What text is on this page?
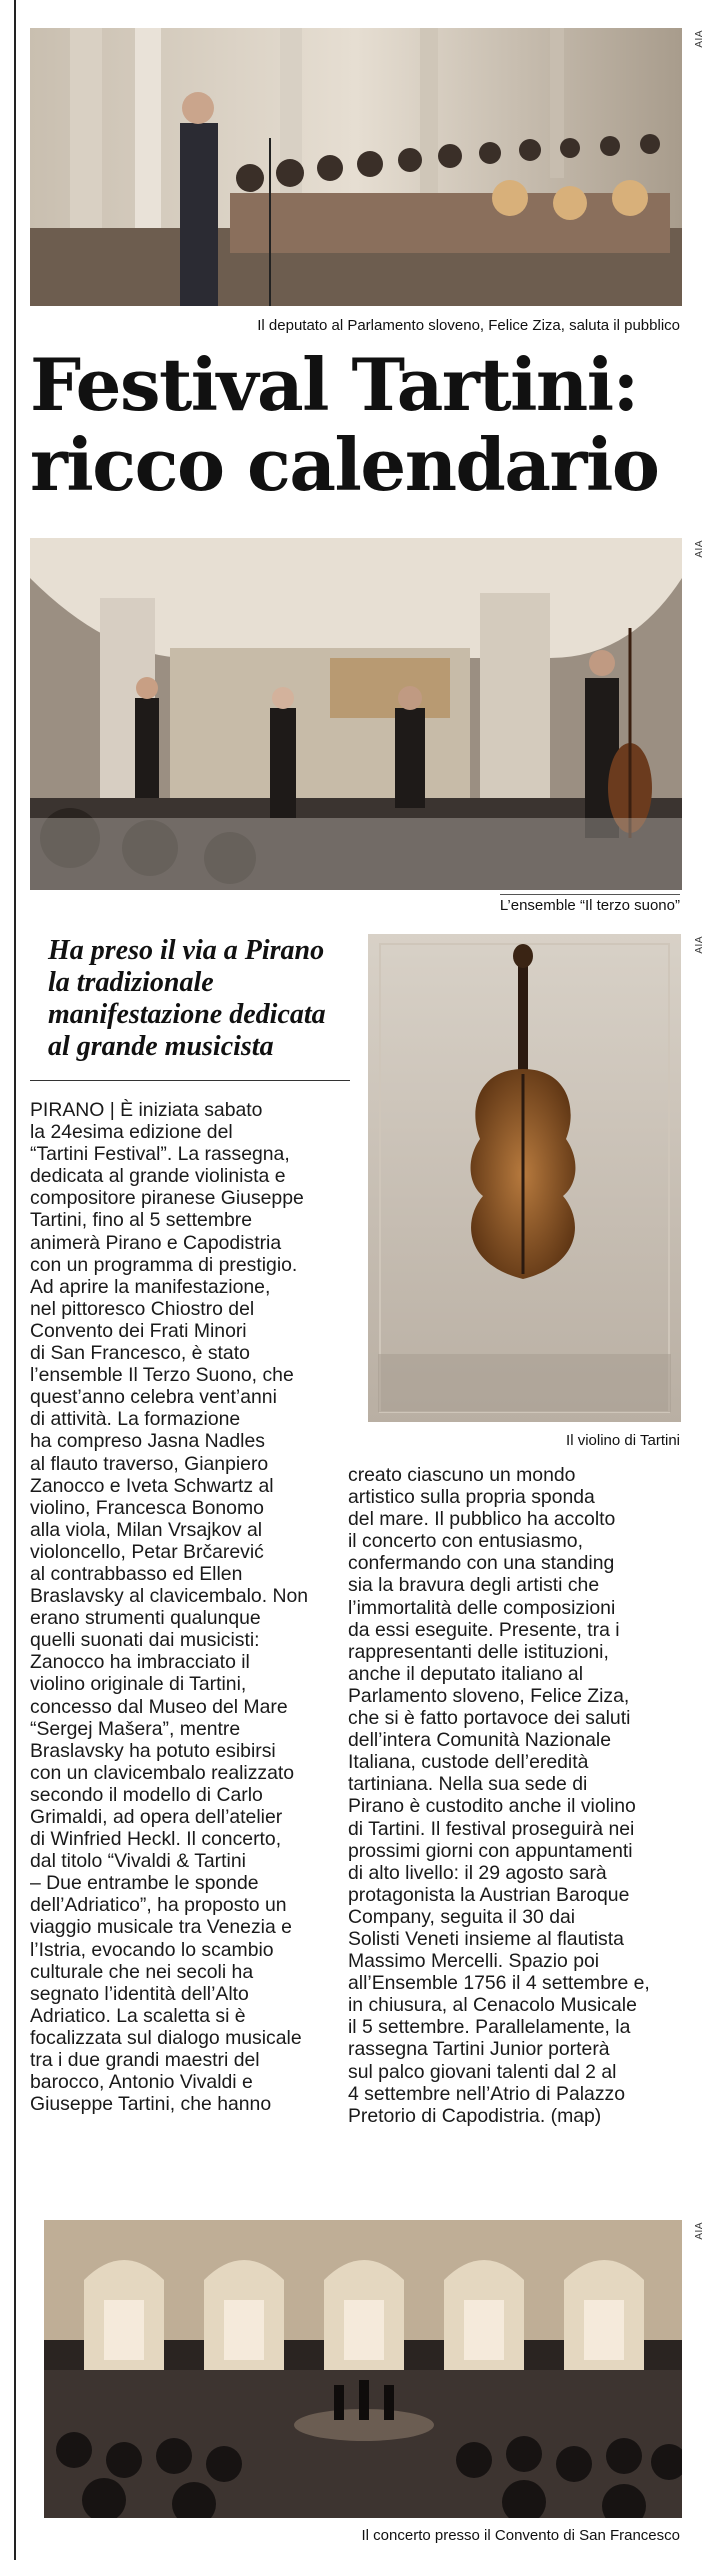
AIA
Il deputato al Parlamento sloveno, Felice Ziza, saluta il pubblico
Festival Tartini: ricco calendario
AIA
L’ensemble “Il terzo suono”
Ha preso il via a Pirano la tradizionale manifestazione dedicata al grande musicista
AIA
Il violino di Tartini

PIRANO | È iniziata sabato
la 24esima edizione del
“Tartini Festival”. La rassegna,
dedicata al grande violinista e
compositore piranese Giuseppe
Tartini, fino al 5 settembre
animerà Pirano e Capodistria
con un programma di prestigio.
Ad aprire la manifestazione,
nel pittoresco Chiostro del
Convento dei Frati Minori
di San Francesco, è stato
l’ensemble Il Terzo Suono, che
quest’anno celebra vent’anni
di attività. La formazione
ha compreso Jasna Nadles
al flauto traverso, Gianpiero
Zanocco e Iveta Schwartz al
violino, Francesca Bonomo
alla viola, Milan Vrsajkov al
violoncello, Petar Brčarević
al contrabbasso ed Ellen
Braslavsky al clavicembalo. Non
erano strumenti qualunque
quelli suonati dai musicisti:
Zanocco ha imbracciato il
violino originale di Tartini,
concesso dal Museo del Mare
“Sergej Mašera”, mentre
Braslavsky ha potuto esibirsi
con un clavicembalo realizzato
secondo il modello di Carlo
Grimaldi, ad opera dell’atelier
di Winfried Heckl. Il concerto,
dal titolo “Vivaldi & Tartini
– Due entrambe le sponde
dell’Adriatico”, ha proposto un
viaggio musicale tra Venezia e
l’Istria, evocando lo scambio
culturale che nei secoli ha
segnato l’identità dell’Alto
Adriatico. La scaletta si è
focalizzata sul dialogo musicale
tra i due grandi maestri del
barocco, Antonio Vivaldi e
Giuseppe Tartini, che hanno

creato ciascuno un mondo
artistico sulla propria sponda
del mare. Il pubblico ha accolto
il concerto con entusiasmo,
confermando con una standing
sia la bravura degli artisti che
l’immortalità delle composizioni
da essi eseguite. Presente, tra i
rappresentanti delle istituzioni,
anche il deputato italiano al
Parlamento sloveno, Felice Ziza,
che si è fatto portavoce dei saluti
dell’intera Comunità Nazionale
Italiana, custode dell’eredità
tartiniana. Nella sua sede di
Pirano è custodito anche il violino
di Tartini. Il festival proseguirà nei
prossimi giorni con appuntamenti
di alto livello: il 29 agosto sarà
protagonista la Austrian Baroque
Company, seguita il 30 dai
Solisti Veneti insieme al flautista
Massimo Mercelli. Spazio poi
all’Ensemble 1756 il 4 settembre e,
in chiusura, al Cenacolo Musicale
il 5 settembre. Parallelamente, la
rassegna Tartini Junior porterà
sul palco giovani talenti dal 2 al
4 settembre nell’Atrio di Palazzo
Pretorio di Capodistria. (map)

AIA
Il concerto presso il Convento di San Francesco
